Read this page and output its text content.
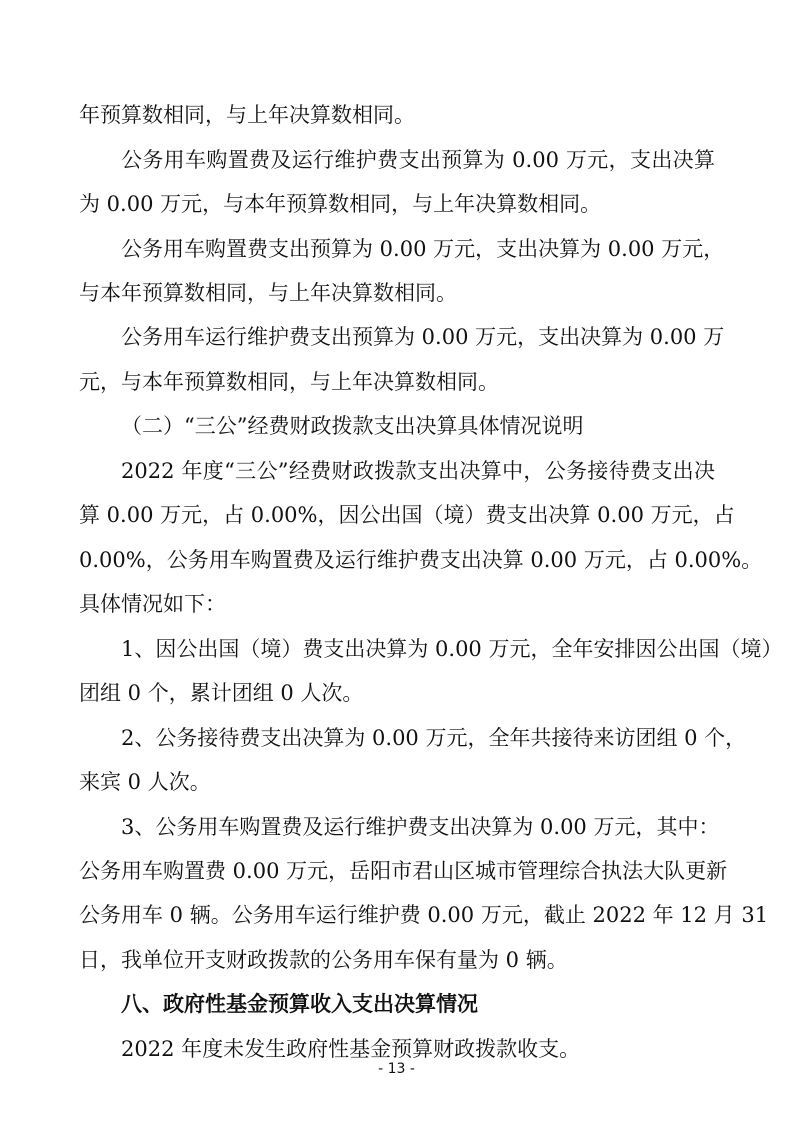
年预算数相同，与上年决算数相同。
公务用车购置费及运行维护费支出预算为 0.00 万元，支出决算
为 0.00 万元，与本年预算数相同，与上年决算数相同。
公务用车购置费支出预算为 0.00 万元，支出决算为 0.00 万元，
与本年预算数相同，与上年决算数相同。
公务用车运行维护费支出预算为 0.00 万元，支出决算为 0.00 万
元，与本年预算数相同，与上年决算数相同。
（二）“三公”经费财政拨款支出决算具体情况说明
2022 年度“三公”经费财政拨款支出决算中，公务接待费支出决
算 0.00 万元，占 0.00%，因公出国（境）费支出决算 0.00 万元，占
0.00%，公务用车购置费及运行维护费支出决算 0.00 万元，占 0.00%。
具体情况如下：
1、因公出国（境）费支出决算为 0.00 万元，全年安排因公出国（境）
团组 0 个，累计团组 0 人次。
2、公务接待费支出决算为 0.00 万元，全年共接待来访团组 0 个，
来宾 0 人次。
3、公务用车购置费及运行维护费支出决算为 0.00 万元，其中：
公务用车购置费 0.00 万元，岳阳市君山区城市管理综合执法大队更新
公务用车 0 辆。公务用车运行维护费 0.00 万元，截止 2022 年 12 月 31
日，我单位开支财政拨款的公务用车保有量为 0 辆。
八、政府性基金预算收入支出决算情况
2022 年度未发生政府性基金预算财政拨款收支。
- 13 -
